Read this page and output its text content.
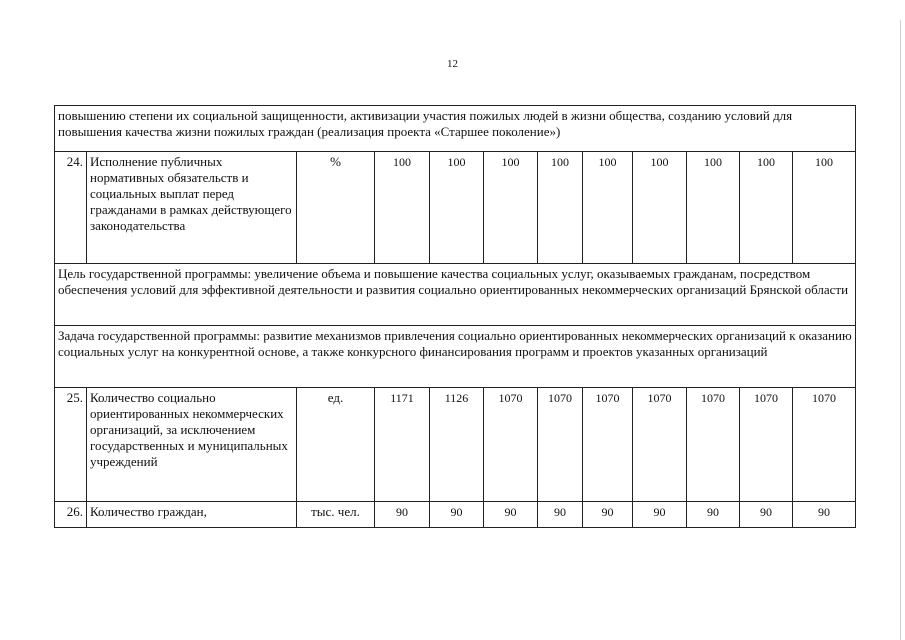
12
повышению степени их социальной защищенности, активизации участия пожилых людей в жизни общества, созданию условий для повышения качества жизни пожилых граждан (реализация проекта «Старшее поколение»)											
24.	Исполнение публичных нормативных обязательств и социальных выплат перед гражданами в рамках действующего законодательства	%	100	100	100	100	100	100	100	100	100
Цель государственной программы: увеличение объема и повышение качества социальных услуг, оказываемых гражданам, посредством обеспечения условий для эффективной деятельности и развития социально ориентированных некоммерческих организаций Брянской области											
Задача государственной программы: развитие механизмов привлечения социально ориентированных некоммерческих организаций к оказанию социальных услуг на конкурентной основе, а также конкурсного финансирования программ и проектов указанных организаций											
25.	Количество социально ориентированных некоммерческих организаций, за исключением государственных и муниципальных учреждений	ед.	1171	1126	1070	1070	1070	1070	1070	1070	1070
26.	Количество граждан,	тыс. чел.	90	90	90	90	90	90	90	90	90
